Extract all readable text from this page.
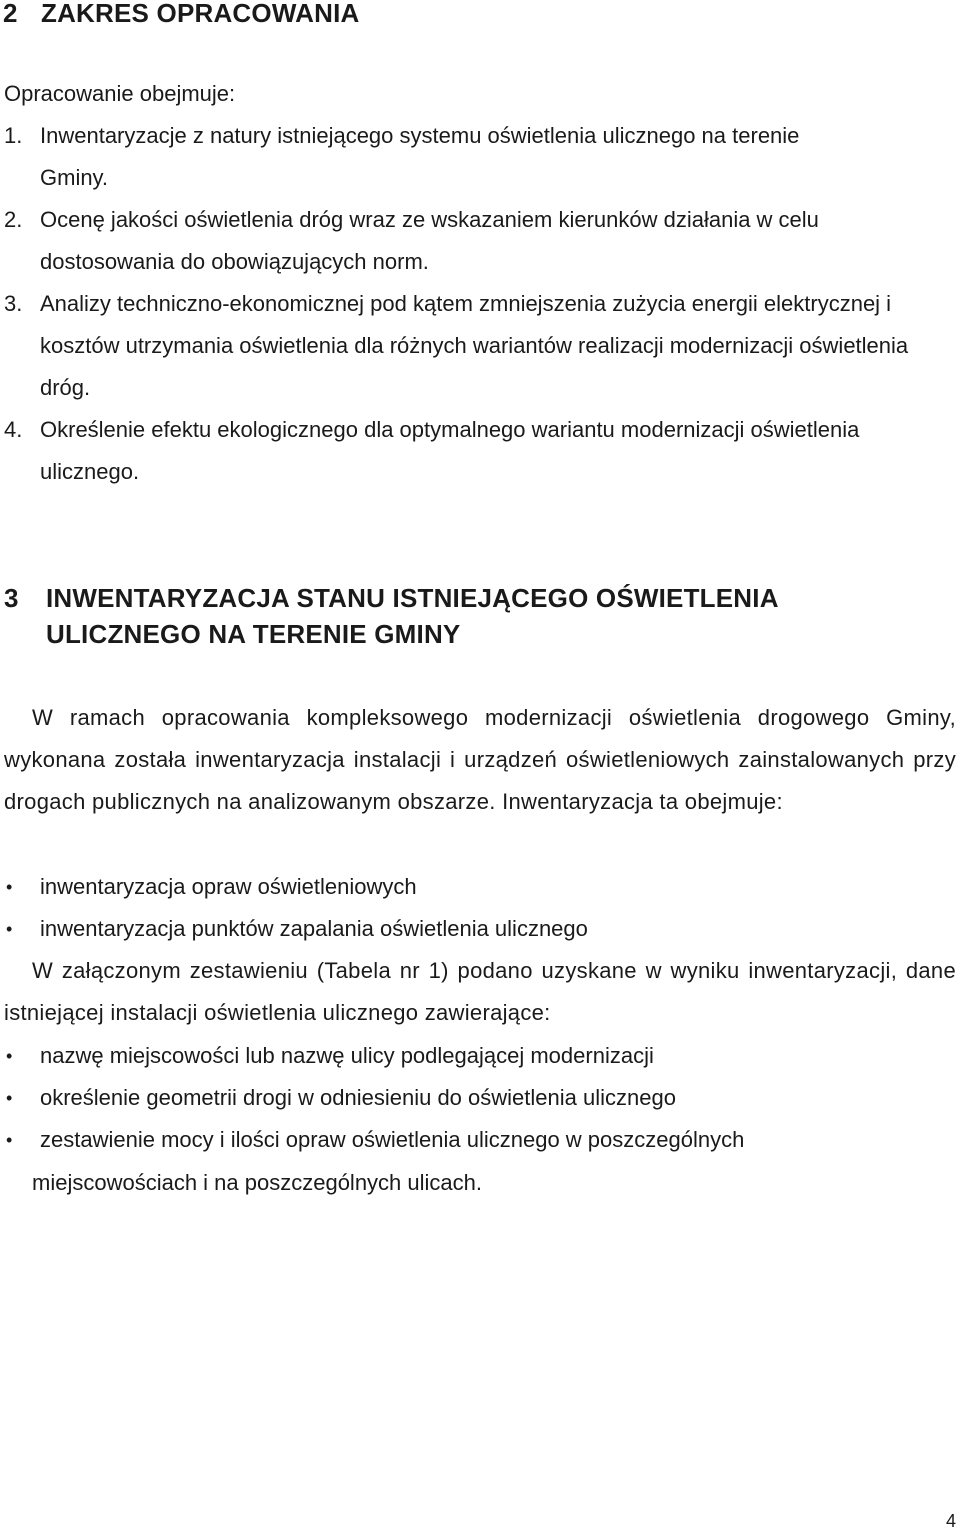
2 ZAKRES OPRACOWANIA
Opracowanie obejmuje:
1. Inwentaryzacje z natury istniejącego systemu oświetlenia ulicznego na terenie Gminy.
2. Ocenę jakości oświetlenia dróg wraz ze wskazaniem kierunków działania w celu dostosowania do obowiązujących norm.
3. Analizy techniczno-ekonomicznej pod kątem zmniejszenia zużycia energii elektrycznej i kosztów utrzymania oświetlenia dla różnych wariantów realizacji modernizacji oświetlenia dróg.
4. Określenie efektu ekologicznego dla optymalnego wariantu modernizacji oświetlenia ulicznego.
3 INWENTARYZACJA STANU ISTNIEJĄCEGO OŚWIETLENIA
ULICZNEGO NA TERENIE GMINY
W ramach opracowania kompleksowego modernizacji oświetlenia drogowego Gminy, wykonana została inwentaryzacja instalacji i urządzeń oświetleniowych zainstalowanych przy drogach publicznych na analizowanym obszarze. Inwentaryzacja ta obejmuje:
• inwentaryzacja opraw oświetleniowych
• inwentaryzacja punktów zapalania oświetlenia ulicznego
W załączonym zestawieniu (Tabela nr 1) podano uzyskane w wyniku inwentaryzacji, dane istniejącej instalacji oświetlenia ulicznego zawierające:
• nazwę miejscowości lub nazwę ulicy podlegającej modernizacji
• określenie geometrii drogi w odniesieniu do oświetlenia ulicznego
• zestawienie mocy i ilości opraw oświetlenia ulicznego w poszczególnych
miejscowościach i na poszczególnych ulicach.
4
